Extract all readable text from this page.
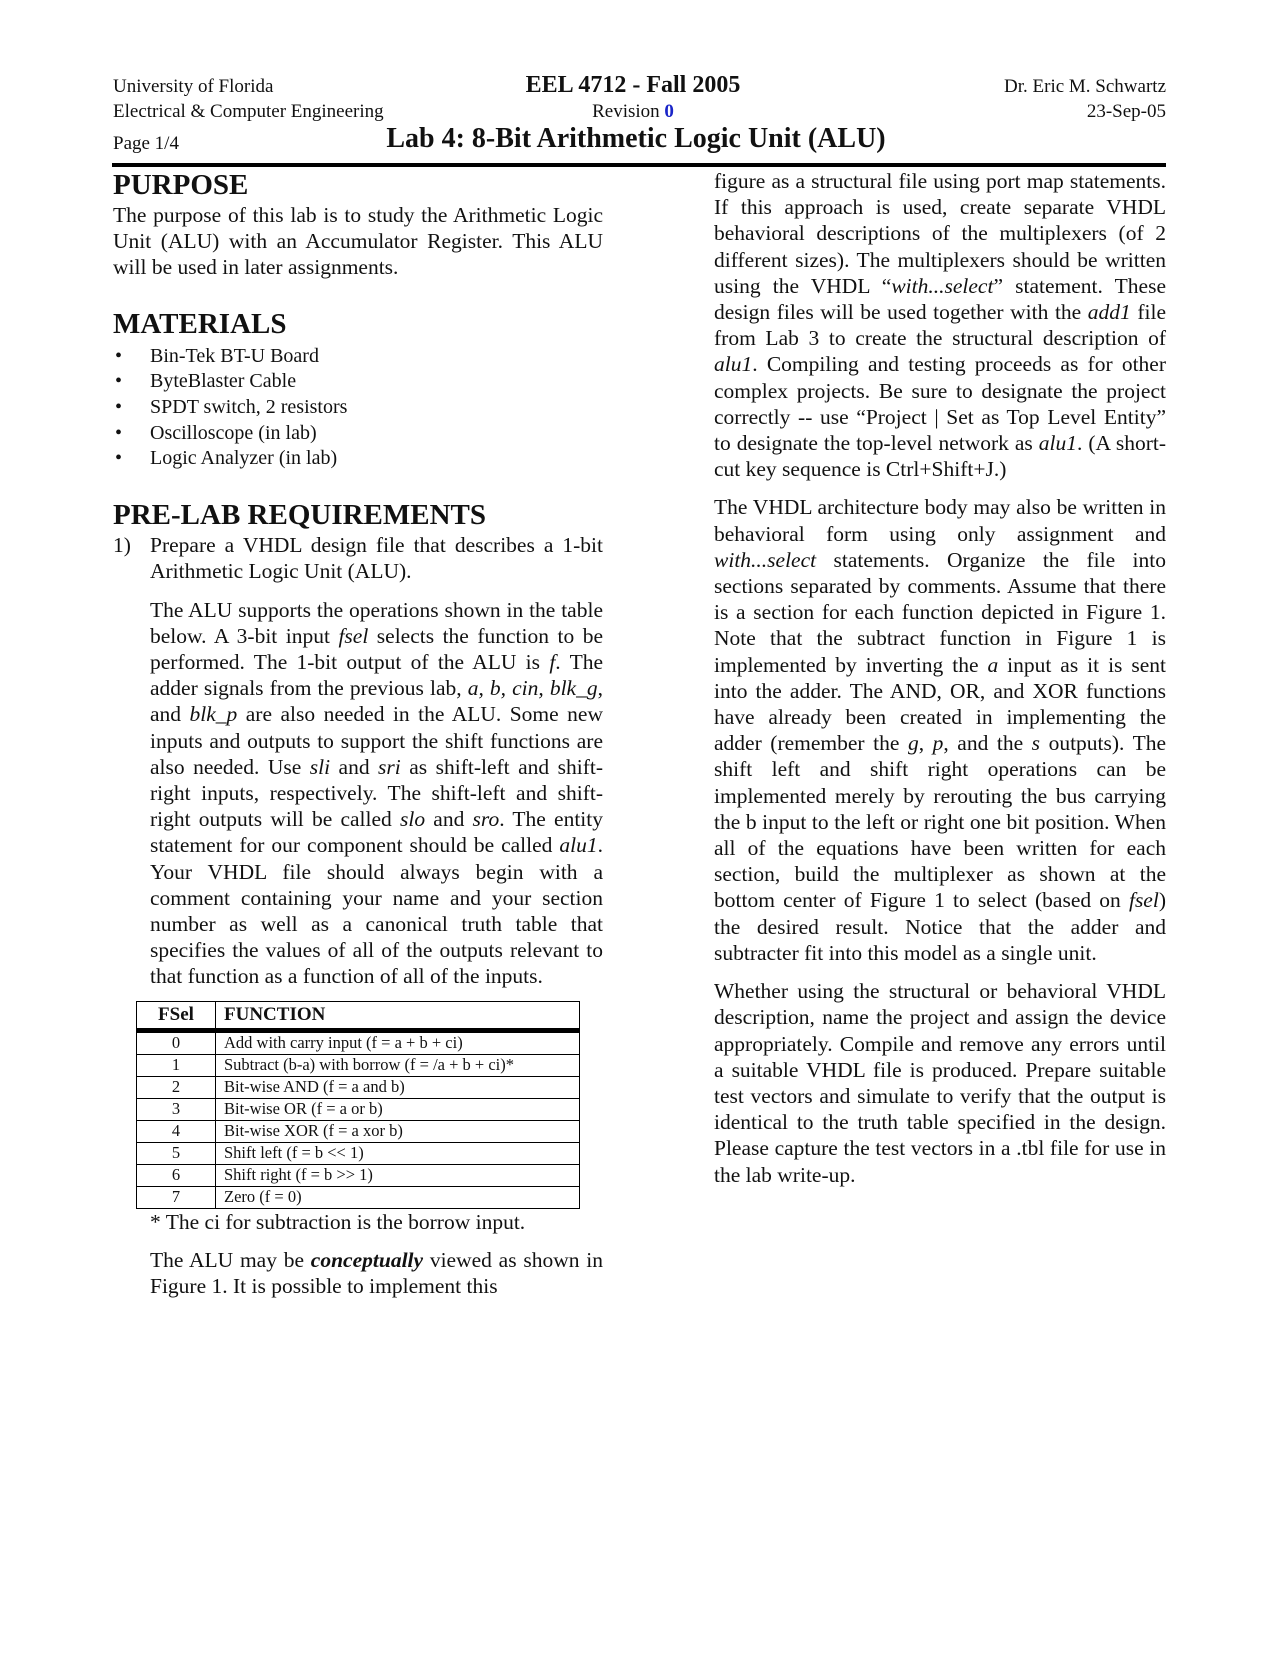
University of Florida
Electrical & Computer Engineering
Page 1/4
EEL 4712 - Fall 2005
Revision 0
Lab 4: 8-Bit Arithmetic Logic Unit (ALU)
Dr. Eric M. Schwartz
23-Sep-05
PURPOSE

The purpose of this lab is to study the Arithmetic Logic Unit (ALU) with an Accumulator Register. This ALU will be used in later assignments.

MATERIALS
• Bin-Tek BT-U Board
• ByteBlaster Cable
• SPDT switch, 2 resistors
• Oscilloscope (in lab)
• Logic Analyzer (in lab)
PRE-LAB REQUIREMENTS
1) Prepare a VHDL design file that describes a 1-bit Arithmetic Logic Unit (ALU).

The ALU supports the operations shown in the table below. A 3-bit input fsel selects the function to be performed. The 1-bit output of the ALU is f. The adder signals from the previous lab, a, b, cin, blk_g, and blk_p are also needed in the ALU. Some new inputs and outputs to support the shift functions are also needed. Use sli and sri as shift-left and shift-right inputs, respectively. The shift-left and shift-right outputs will be called slo and sro. The entity statement for our component should be called alu1. Your VHDL file should always begin with a comment containing your name and your section number as well as a canonical truth table that specifies the values of all of the outputs relevant to that function as a function of all of the inputs.

FSel	FUNCTION
0	Add with carry input (f = a + b + ci)
1	Subtract (b-a) with borrow (f = /a + b + ci)*
2	Bit-wise AND (f = a and b)
3	Bit-wise OR (f = a or b)
4	Bit-wise XOR (f = a xor b)
5	Shift left (f = b << 1)
6	Shift right (f = b >> 1)
7	Zero (f = 0)

* The ci for subtraction is the borrow input.

The ALU may be conceptually viewed as shown in Figure 1. It is possible to implement this

figure as a structural file using port map statements. If this approach is used, create separate VHDL behavioral descriptions of the multiplexers (of 2 different sizes). The multiplexers should be written using the VHDL “with...select” statement. These design files will be used together with the add1 file from Lab 3 to create the structural description of alu1. Compiling and testing proceeds as for other complex projects. Be sure to designate the project correctly -- use “Project | Set as Top Level Entity” to designate the top-level network as alu1. (A short-cut key sequence is Ctrl+Shift+J.)

The VHDL architecture body may also be written in behavioral form using only assignment and with...select statements. Organize the file into sections separated by comments. Assume that there is a section for each function depicted in Figure 1. Note that the subtract function in Figure 1 is implemented by inverting the a input as it is sent into the adder. The AND, OR, and XOR functions have already been created in implementing the adder (remember the g, p, and the s outputs). The shift left and shift right operations can be implemented merely by rerouting the bus carrying the b input to the left or right one bit position. When all of the equations have been written for each section, build the multiplexer as shown at the bottom center of Figure 1 to select (based on fsel) the desired result. Notice that the adder and subtracter fit into this model as a single unit.

Whether using the structural or behavioral VHDL description, name the project and assign the device appropriately. Compile and remove any errors until a suitable VHDL file is produced. Prepare suitable test vectors and simulate to verify that the output is identical to the truth table specified in the design. Please capture the test vectors in a .tbl file for use in the lab write-up.
